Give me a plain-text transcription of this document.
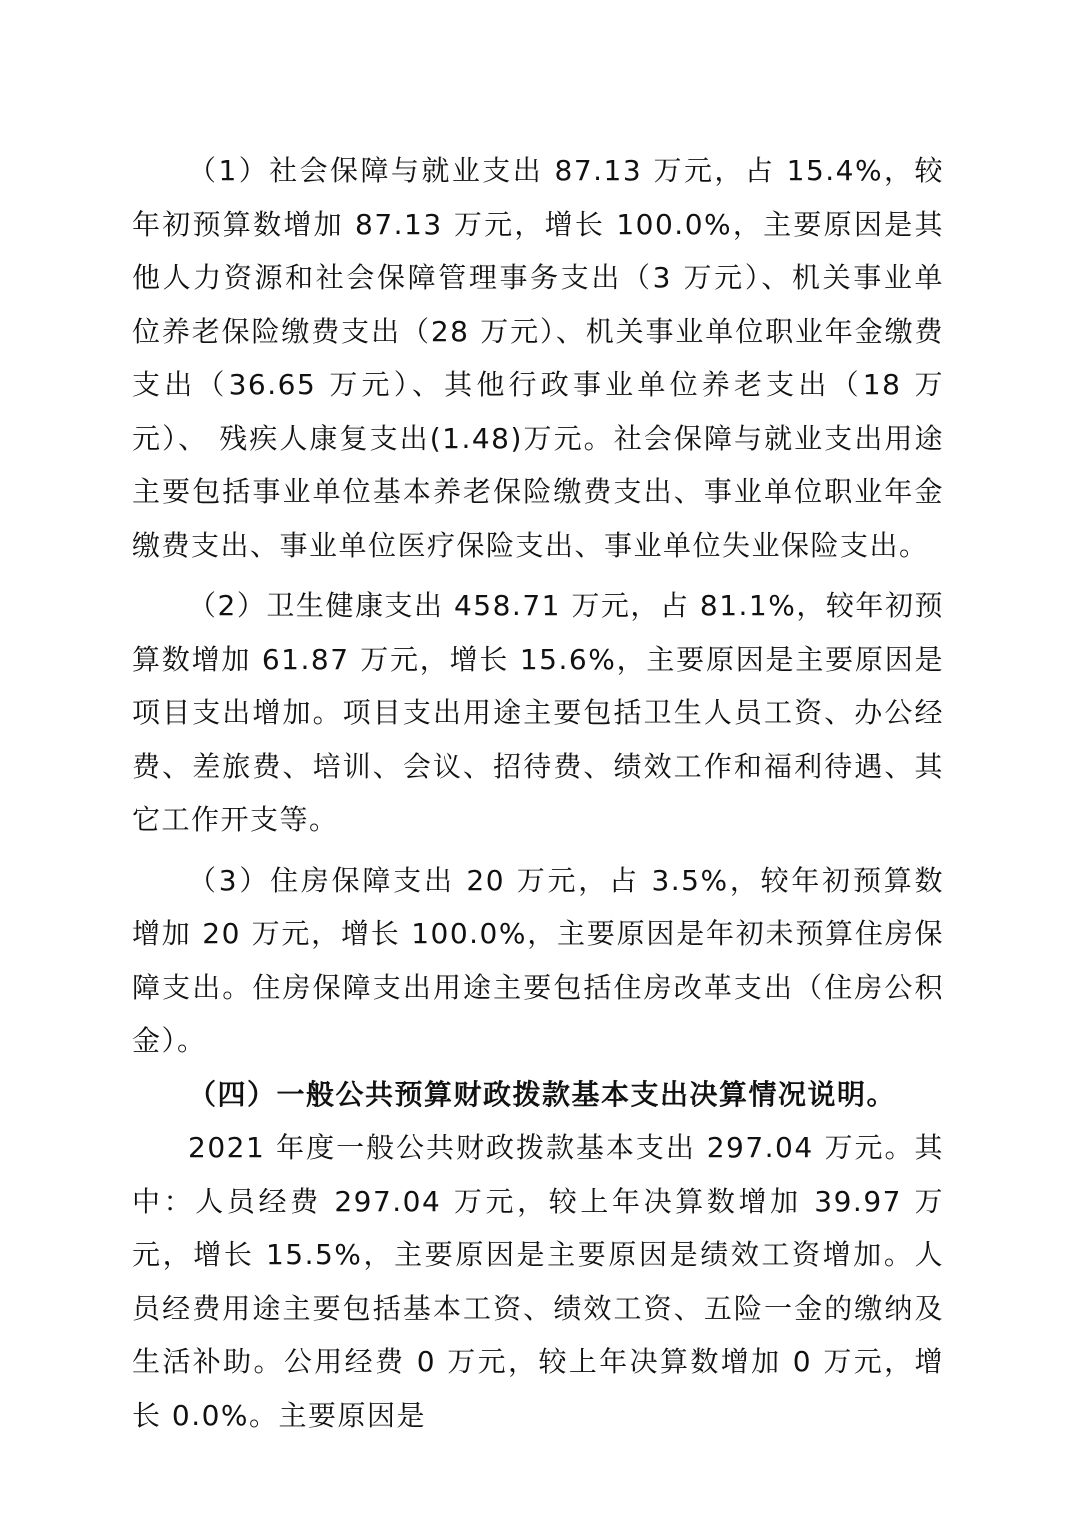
（1）社会保障与就业支出 87.13 万元，占 15.4%，较年初预算数增加 87.13 万元，增长 100.0%，主要原因是其他人力资源和社会保障管理事务支出（3 万元）、机关事业单位养老保险缴费支出（28 万元）、机关事业单位职业年金缴费支出（36.65 万元）、其他行政事业单位养老支出（18 万元）、 残疾人康复支出(1.48)万元。社会保障与就业支出用途主要包括事业单位基本养老保险缴费支出、事业单位职业年金缴费支出、事业单位医疗保险支出、事业单位失业保险支出。

（2）卫生健康支出 458.71 万元，占 81.1%，较年初预算数增加 61.87 万元，增长 15.6%，主要原因是主要原因是项目支出增加。项目支出用途主要包括卫生人员工资、办公经费、差旅费、培训、会议、招待费、绩效工作和福利待遇、其它工作开支等。

（3）住房保障支出 20 万元，占 3.5%，较年初预算数增加 20 万元，增长 100.0%，主要原因是年初未预算住房保障支出。住房保障支出用途主要包括住房改革支出（住房公积金）。

（四）一般公共预算财政拨款基本支出决算情况说明。

2021 年度一般公共财政拨款基本支出 297.04 万元。其中：人员经费 297.04 万元，较上年决算数增加 39.97 万元，增长 15.5%，主要原因是主要原因是绩效工资增加。人员经费用途主要包括基本工资、绩效工资、五险一金的缴纳及生活补助。公用经费 0 万元，较上年决算数增加 0 万元，增长 0.0%。主要原因是
